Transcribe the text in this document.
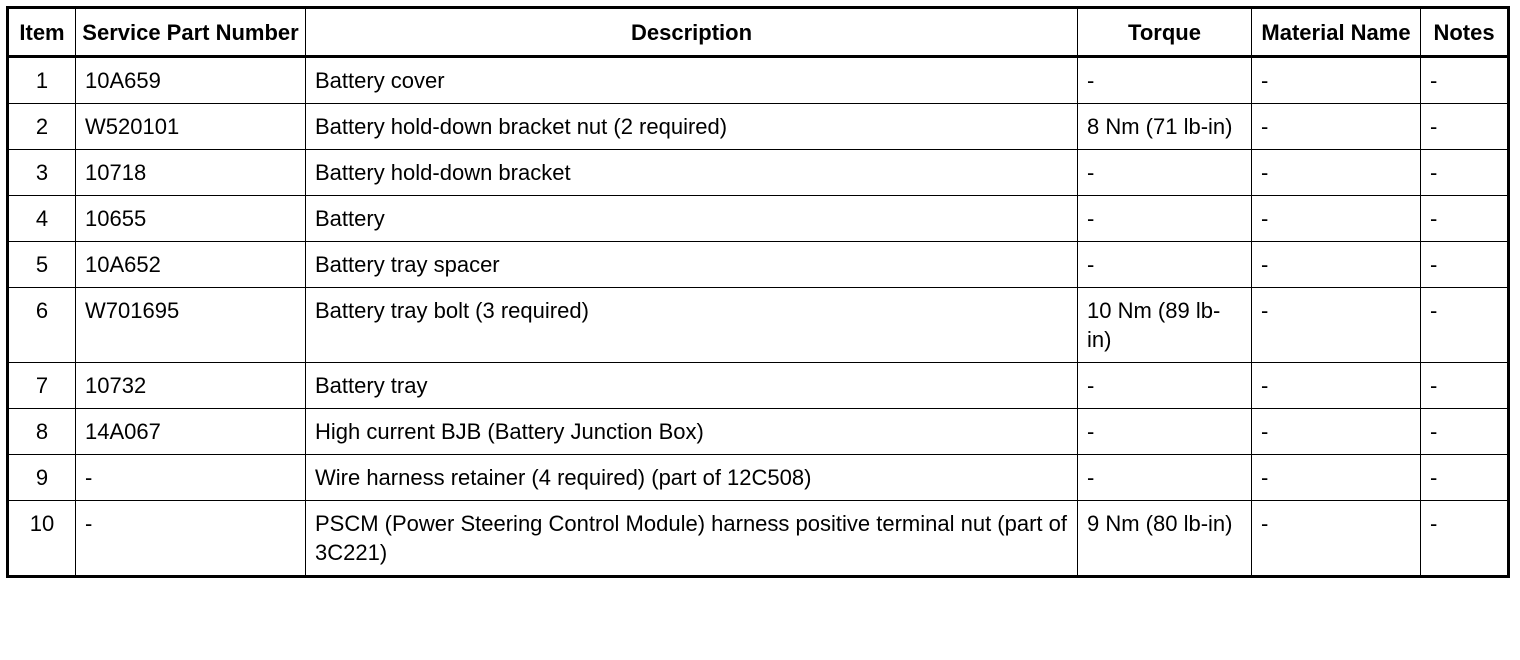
Item	Service Part Number	Description	Torque	Material Name	Notes
1	10A659	Battery cover	-	-	-
2	W520101	Battery hold-down bracket nut (2 required)	8 Nm (71 lb-in)	-	-
3	10718	Battery hold-down bracket	-	-	-
4	10655	Battery	-	-	-
5	10A652	Battery tray spacer	-	-	-
6	W701695	Battery tray bolt (3 required)	10 Nm (89 lb-in)	-	-
7	10732	Battery tray	-	-	-
8	14A067	High current BJB (Battery Junction Box)	-	-	-
9	-	Wire harness retainer (4 required) (part of 12C508)	-	-	-
10	-	PSCM (Power Steering Control Module) harness positive terminal nut (part of 3C221)	9 Nm (80 lb-in)	-	-
